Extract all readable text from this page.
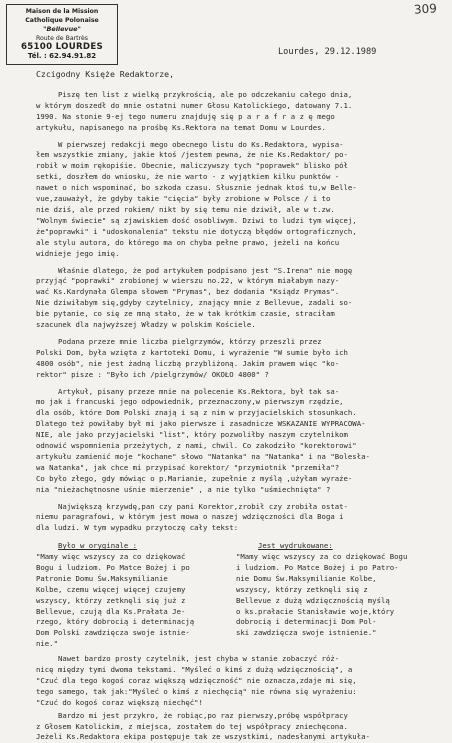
Maison de la Mission Catholique Polonaise
"Bellevue"
Route de Bartrès
65100 LOURDES
Tél. : 62.94.91.82
309
Lourdes, 29.12.1989
Czcigodny Księże Redaktorze,
Piszę ten list z wielką przykrością, ale po odczekaniu całego dnia,
w którym doszedł do mnie ostatni numer Głosu Katolickiego, datowany 7.1.
1990. Na stonie 9-ej tego numeru znajduję się p a r a f r a z ę mego
artykułu, napisanego na prośbę Ks.Rektora na temat Domu w Lourdes.
W pierwszej redakcji mego obecnego listu do Ks.Redaktora, wypisa-
łem wszystkie zmiany, jakie ktoś /jestem pewna, że nie Ks.Redaktor/ po-
robił w moim rękopiśie. Obecnie, maliczywszy tych "poprawek" blisko pół
setki, doszłem do wniosku, że nie warto - z wyjątkiem kilku punktów -
nawet o nich wspominać, bo szkoda czasu. Słusznie jednak ktoś tu,w Belle-
vue,zauważył, że gdyby takie "cięcia" były zrobione w Polsce / i to
nie dziś, ale przed rokiem/ nikt by się temu nie dziwił, ale w t.zw.
"Wolnym świecie" są zjawiskiem dość osobliwym. Dziwi to ludzi tym więcej,
że"poprawki" i "udoskonalenia" tekstu nie dotyczą błędów ortograficznych,
ale stylu autora, do którego ma on chyba pełne prawo, jeżeli na końcu
widnieje jego imię.
Właśnie dlatego, że pod artykułem podpisano jest "S.Irena" nie mogę
przyjąć "poprawki" zrobionej w wierszu no.22, w którym miałabym nazy-
wać Ks.Kardynała Glempa słowem "Prymas", bez dodania "Ksiądz Prymas".
Nie dziwiłabym się,gdyby czytelnicy, znający mnie z Bellevue, zadali so-
bie pytanie, co się ze mną stało, że w tak krótkim czasie, straciłam
szacunek dla najwyższej Władzy w polskim Kościele.
Podana przeze mnie liczba pielgrzymów, którzy przeszli przez
Polski Dom, była wzięta z kartoteki Domu, i wyrażenie "W sumie było ich
4800 osób", nie jest żadną liczbą przybliżoną. Jakim prawem więc "ko-
rektor" pisze : "Było ich /pielgrzymów/ OKOŁO 4800" ?
Artykuł, pisany przeze mnie na polecenie Ks.Rektora, był tak sa-
mo jak i francuski jego odpowiednik, przeznaczony,w pierwszym rzędzie,
dla osób, które Dom Polski znają i są z nim w przyjacielskich stosunkach.
Dlatego też powiłaby był mi jako pierwsze i zasadnicze WSKAZANIE WYPRACOWA-
NIE, ale jako przyjacielski "list", który pozwoliłby naszym czytelnikom
odnowić wspomnienia przeżytych, z nami, chwil. Co zakodziło "korektorowi"
artykułu zamienić moje "kochane" słowo "Natanka" na "Natanka" i na "Bolesła-
wa Natanka", jak chce mi przypisać korektor/ "przymiotnik "przemiła"?
Co było złego, gdy mówiąc o p.Marianie, zupełnie z myślą ,użyłam wyraże-
nia "nieżachętnosne uśnie mierzenie" , a nie tylko "uśmiechnięta" ?
Największą krzywdę,pan czy pani Korektor,zrobił czy zrobiła ostat-
niemu paragrafowi, w którym jest mowa o naszej wdzięczności dla Boga i
dla ludzi. W tym wypadku przytoczę cały tekst:
Było w oryginale :
"Mamy więc wszyscy za co dziękować
Bogu i ludziom. Po Matce Bożej i po
Patronie Domu Św.Maksymilianie
Kolbe, czemu więcej więcej czujemy
wszyscy, którzy zetknęli się już z
Bellevue, czują dla Ks.Prałata Je-
rzego, który dobrocią i determinacją
Dom Polski zawdzięcza swoje istnie-
nie."
Jest wydrukowane:
"Mamy więc wszyscy za co dziękować Bogu
i ludziom. Po Matce Bożej i po Patro-
nie Domu Św.Maksymilianie Kolbe,
wszyscy, którzy zetknęli się z
Bellevue z dużą wdzięcznością myślą
o ks.prałacie Stanisławie woje,który
dobrocią i determinacji Dom Pol-
ski zawdzięcza swoje istnienie."
Nawet bardzo prosty czytelnik, jest chyba w stanie zobaczyć róż-
nicę między tymi dwoma tekstami. "Myśleć o kimś z dużą wdzięcznością", a
"Czuć dla tego kogoś coraz większą wdzięczność" nie oznacza,zdaje mi się,
tego samego, tak jak:"Myśleć o kimś z niechęcią" nie równa się wyrażeniu:
"Czuć do kogoś coraz większą niechęć"!
Bardzo mi jest przykro, że robiąc,po raz pierwszy,próbę współpracy
z Głosem Katolickim, z miejsca, zostałem do tej współpracy zniechęcona.
Jeżeli Ks.Redaktora ekipa postępuje tak ze wszystkimi, nadesłanymi artykuła-
